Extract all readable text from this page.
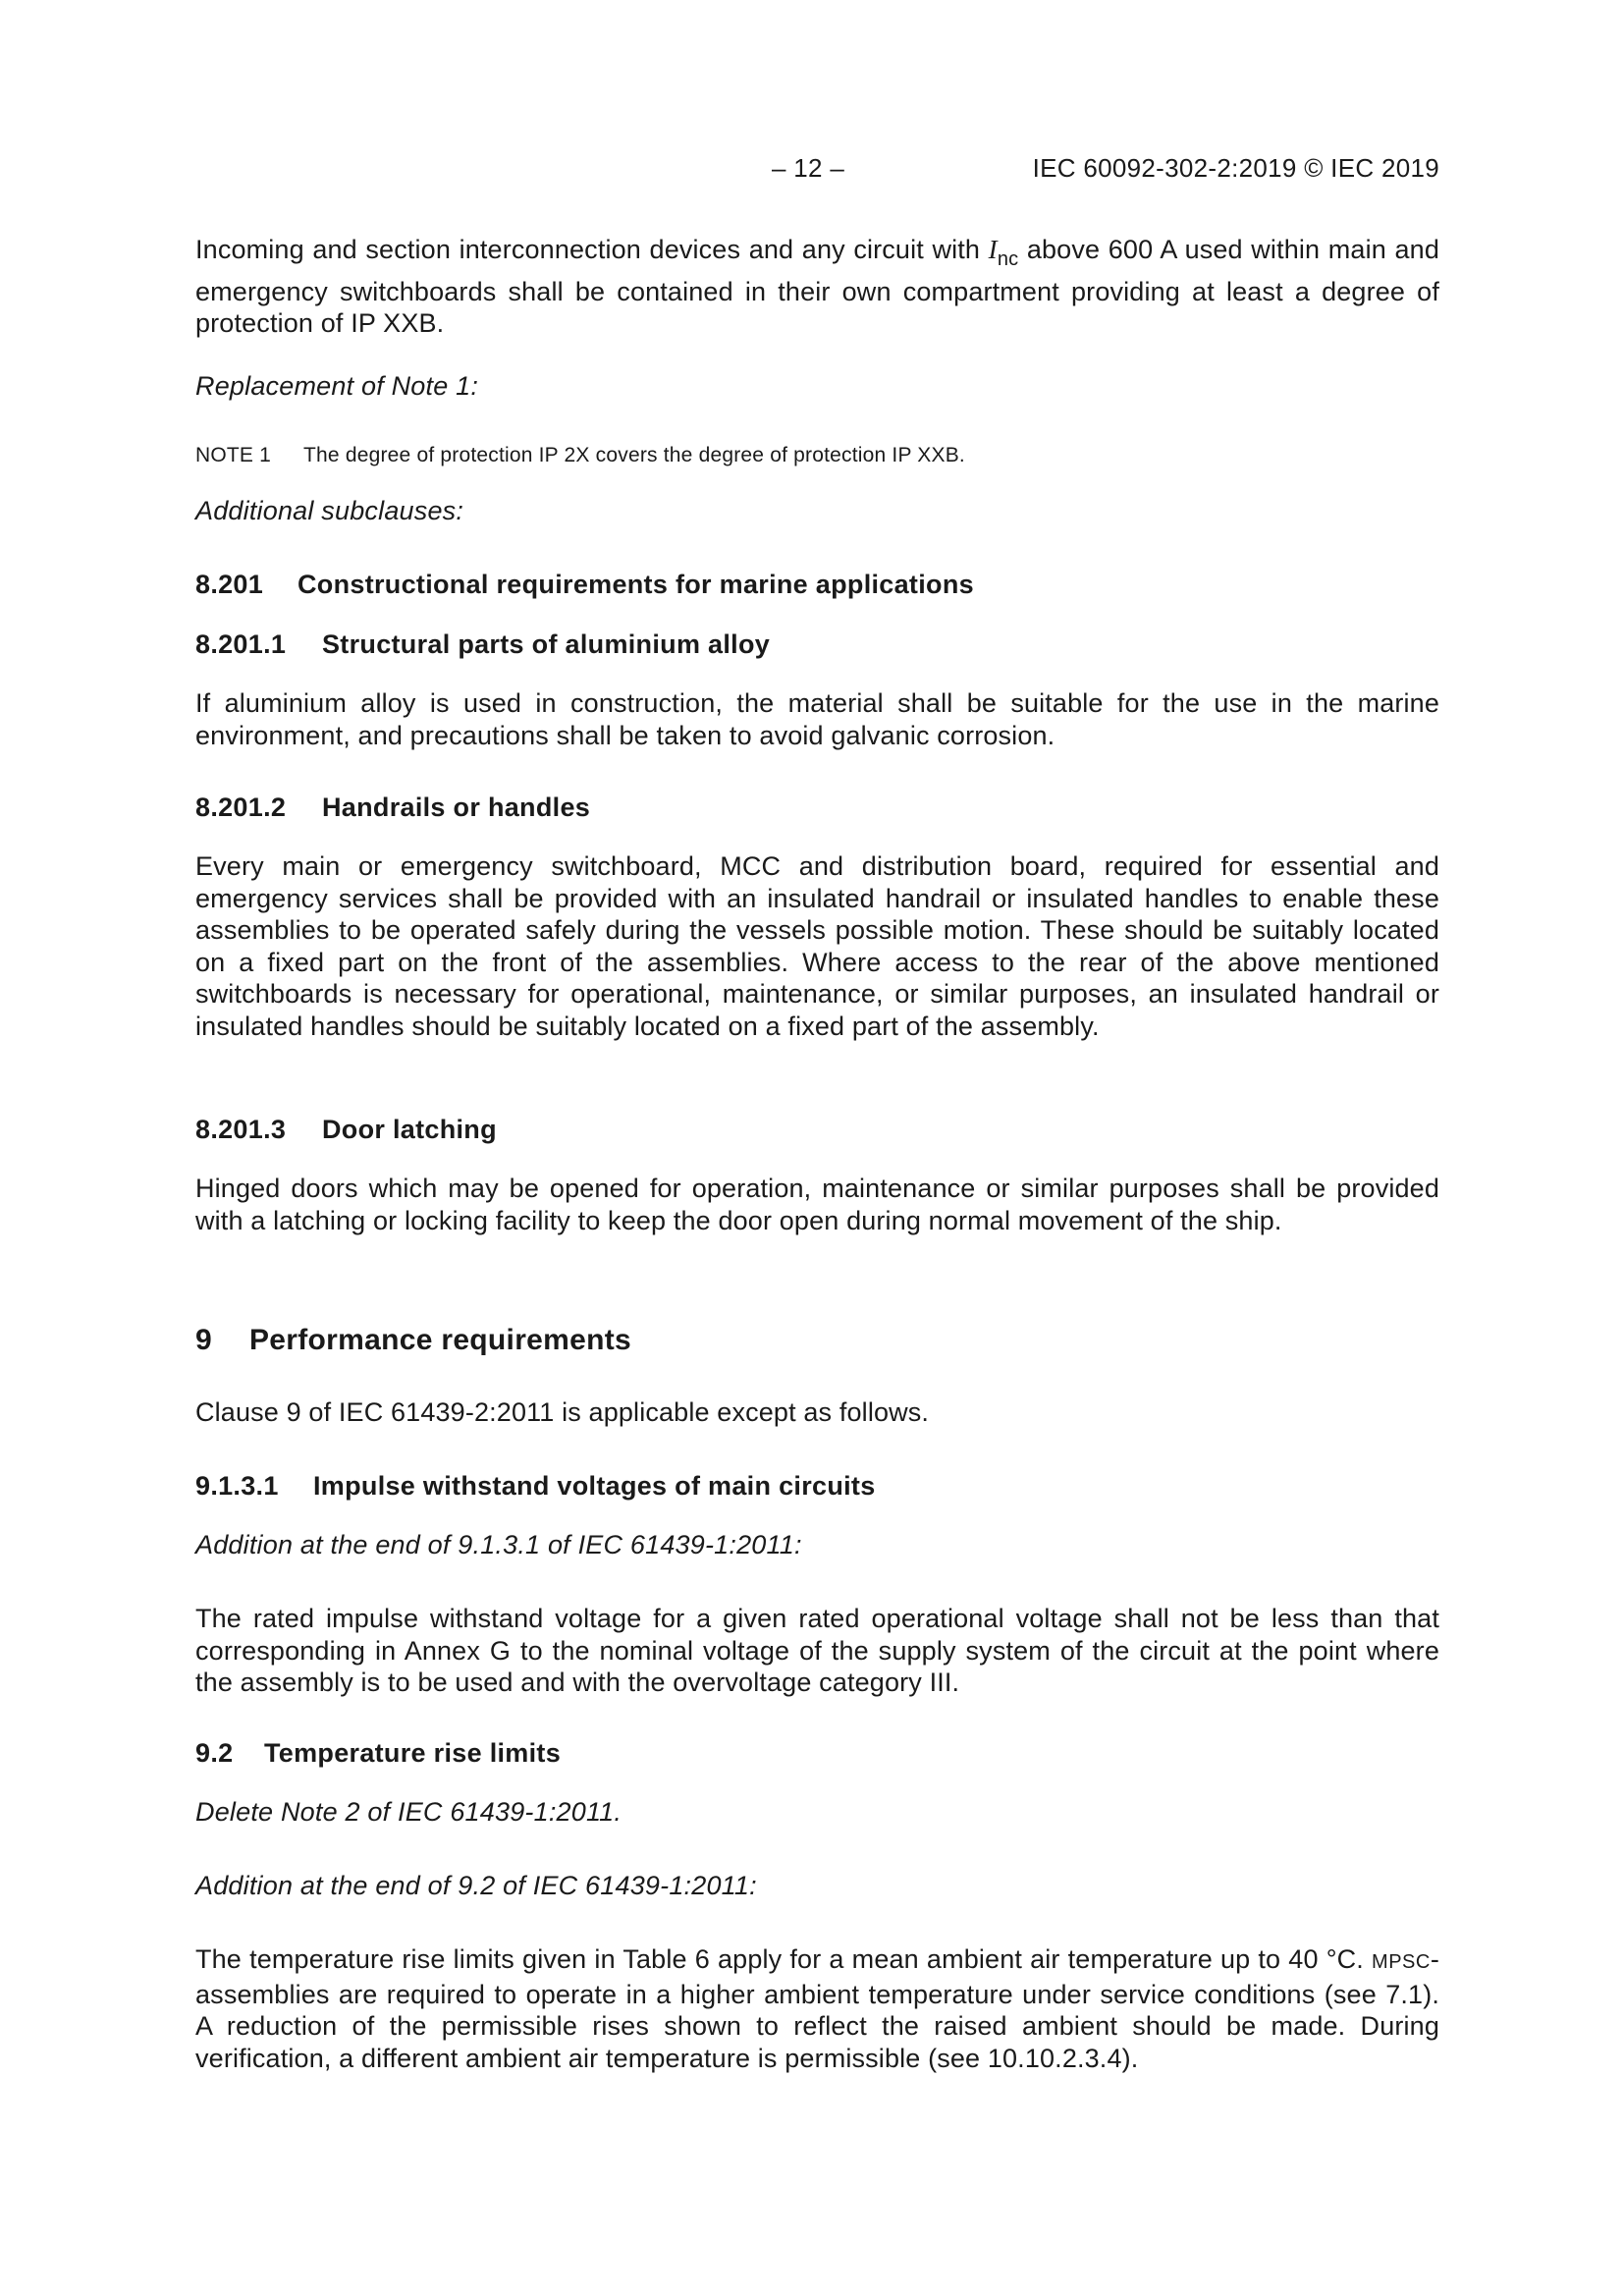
– 12 –	IEC 60092-302-2:2019 © IEC 2019

Incoming and section interconnection devices and any circuit with $I_{nc}$ above 600 A used within main and emergency switchboards shall be contained in their own compartment providing at least a degree of protection of IP XXB.

Replacement of Note 1:

NOTE 1 The degree of protection IP 2X covers the degree of protection IP XXB.

Additional subclauses:

8.201 Constructional requirements for marine applications

8.201.1 Structural parts of aluminium alloy

If aluminium alloy is used in construction, the material shall be suitable for the use in the marine environment, and precautions shall be taken to avoid galvanic corrosion.

8.201.2 Handrails or handles

Every main or emergency switchboard, MCC and distribution board, required for essential and emergency services shall be provided with an insulated handrail or insulated handles to enable these assemblies to be operated safely during the vessels possible motion. These should be suitably located on a fixed part on the front of the assemblies. Where access to the rear of the above mentioned switchboards is necessary for operational, maintenance, or similar purposes, an insulated handrail or insulated handles should be suitably located on a fixed part of the assembly.

8.201.3 Door latching

Hinged doors which may be opened for operation, maintenance or similar purposes shall be provided with a latching or locking facility to keep the door open during normal movement of the ship.

9 Performance requirements

Clause 9 of IEC 61439-2:2011 is applicable except as follows.

9.1.3.1 Impulse withstand voltages of main circuits

Addition at the end of 9.1.3.1 of IEC 61439-1:2011:

The rated impulse withstand voltage for a given rated operational voltage shall not be less than that corresponding in Annex G to the nominal voltage of the supply system of the circuit at the point where the assembly is to be used and with the overvoltage category III.

9.2 Temperature rise limits

Delete Note 2 of IEC 61439-1:2011.

Addition at the end of 9.2 of IEC 61439-1:2011:

The temperature rise limits given in Table 6 apply for a mean ambient air temperature up to 40 °C. MPSC-assemblies are required to operate in a higher ambient temperature under service conditions (see 7.1). A reduction of the permissible rises shown to reflect the raised ambient should be made. During verification, a different ambient air temperature is permissible (see 10.10.2.3.4).
